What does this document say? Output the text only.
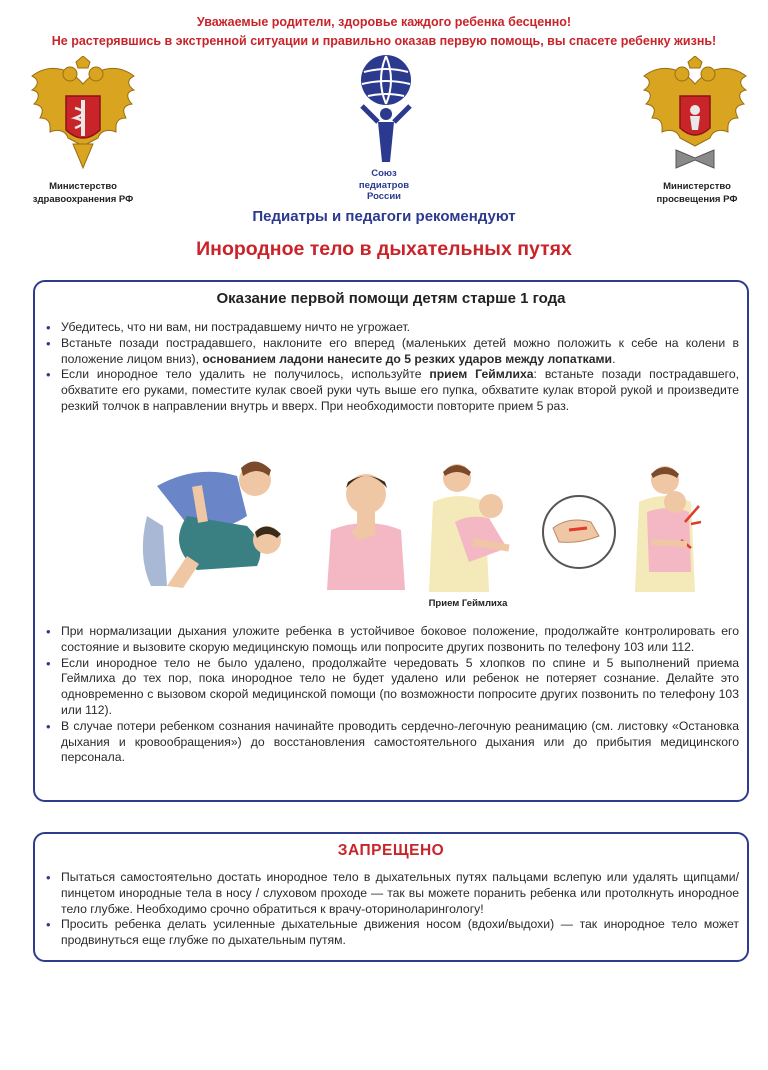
Уважаемые родители, здоровье каждого ребенка бесценно!
Не растерявшись в экстренной ситуации и правильно оказав первую помощь, вы спасете ребенку жизнь!
Министерство
здравоохранения РФ
Союз
педиатров
России
Министерство
просвещения РФ
Педиатры и педагоги рекомендуют
Инородное тело в дыхательных путях
Оказание первой помощи детям старше 1 года
• Убедитесь, что ни вам, ни пострадавшему ничто не угрожает.
• Встаньте позади пострадавшего, наклоните его вперед (маленьких детей можно положить к себе на колени в положение лицом вниз), основанием ладони нанесите до 5 резких ударов между лопатками.
• Если инородное тело удалить не получилось, используйте прием Геймлиха: встаньте позади пострадавшего, обхватите его руками, поместите кулак своей руки чуть выше его пупка, обхватите кулак второй рукой и произведите резкий толчок в направлении внутрь и вверх. При необходимости повторите прием 5 раз.
Прием Геймлиха
• При нормализации дыхания уложите ребенка в устойчивое боковое положение, продолжайте контролировать его состояние и вызовите скорую медицинскую помощь или попросите других позвонить по телефону 103 или 112.
• Если инородное тело не было удалено, продолжайте чередовать 5 хлопков по спине и 5 выполнений приема Геймлиха до тех пор, пока инородное тело не будет удалено или ребенок не потеряет сознание. Делайте это одновременно с вызовом скорой медицинской помощи (по возможности попросите других позвонить по телефону 103 или 112).
• В случае потери ребенком сознания начинайте проводить сердечно-легочную реанимацию (см. листовку «Остановка дыхания и кровообращения») до восстановления самостоятельного дыхания или до прибытия медицинского персонала.
ЗАПРЕЩЕНО
• Пытаться самостоятельно достать инородное тело в дыхательных путях пальцами вслепую или удалять щипцами/пинцетом инородные тела в носу / слуховом проходе — так вы можете поранить ребенка или протолкнуть инородное тело глубже. Необходимо срочно обратиться к врачу-оториноларингологу!
• Просить ребенка делать усиленные дыхательные движения носом (вдохи/выдохи) — так инородное тело может продвинуться еще глубже по дыхательным путям.
